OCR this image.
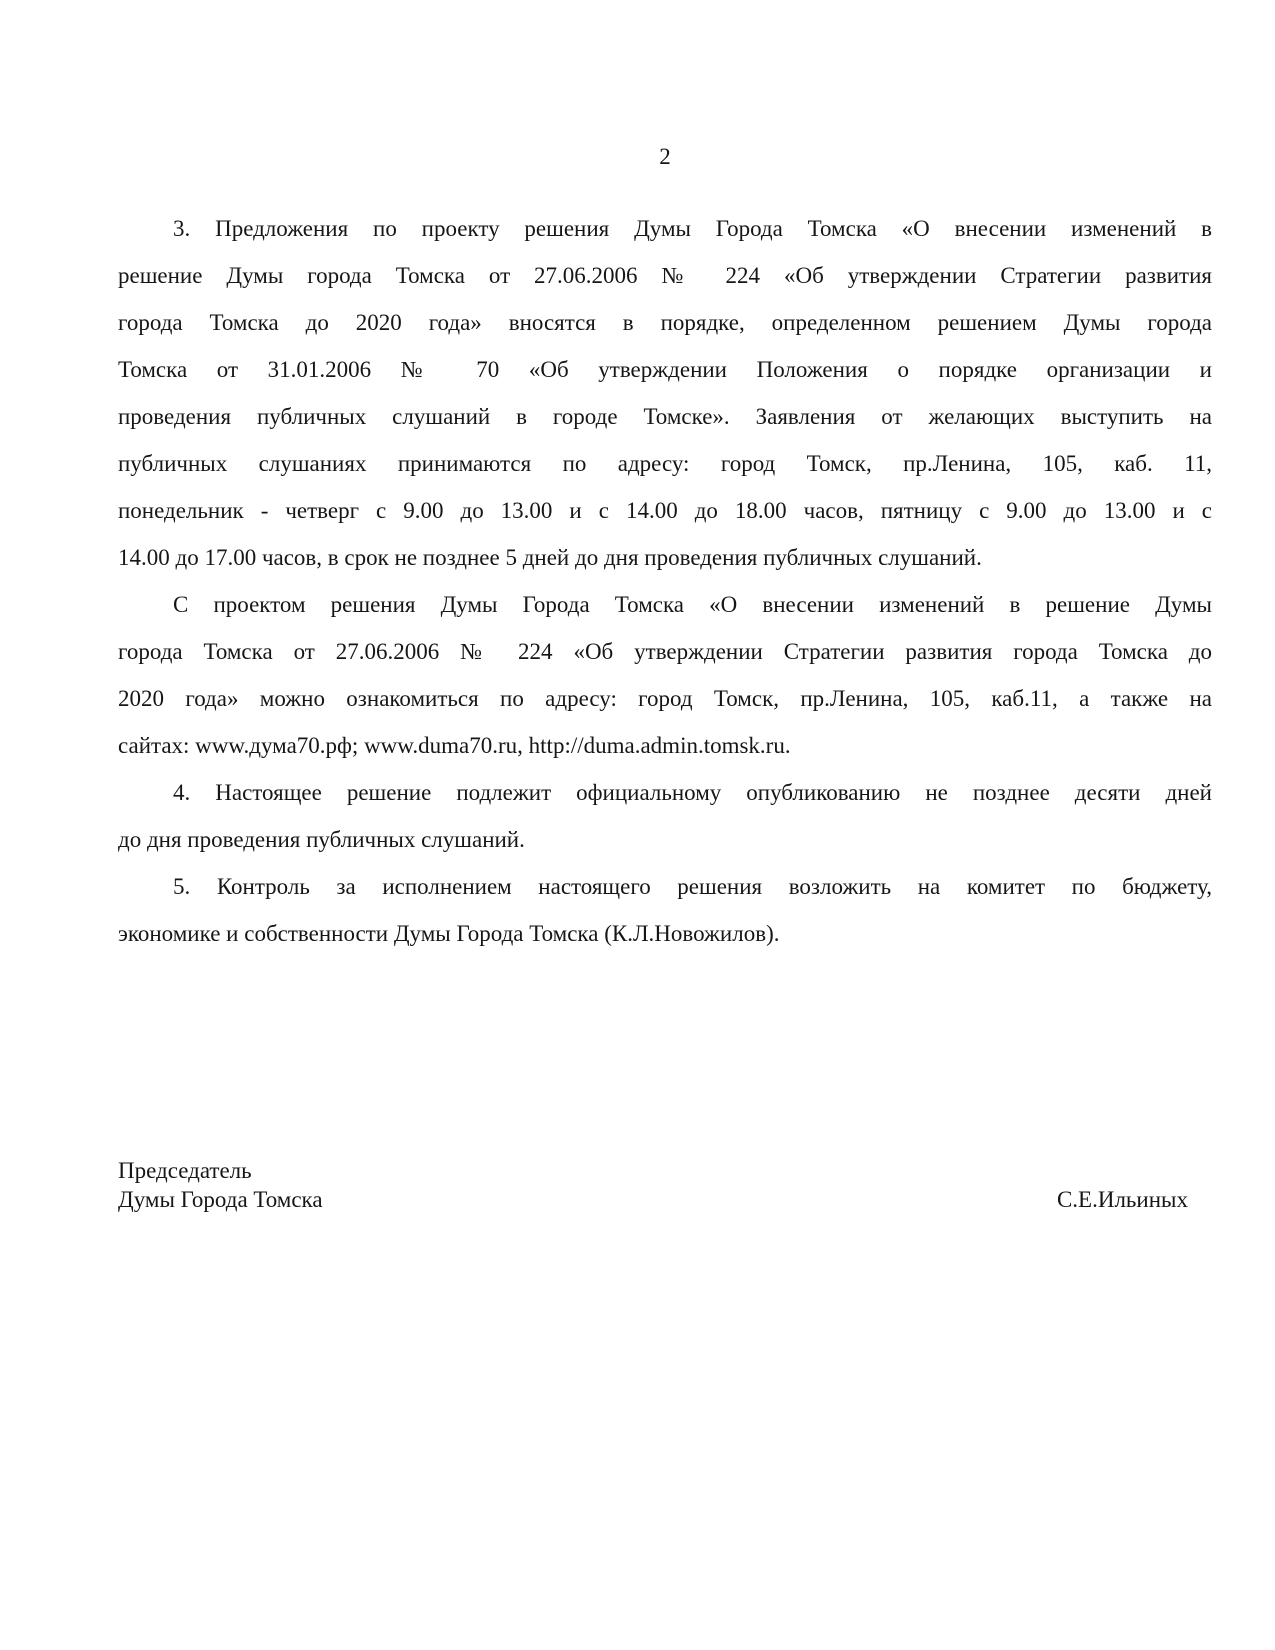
2
3. Предложения по проекту решения Думы Города Томска «О внесении изменений в
решение Думы города Томска от 27.06.2006 № 224 «Об утверждении Стратегии развития
города Томска до 2020 года» вносятся в порядке, определенном решением Думы города
Томска от 31.01.2006 № 70 «Об утверждении Положения о порядке организации и
проведения публичных слушаний в городе Томске». Заявления от желающих выступить на
публичных слушаниях принимаются по адресу: город Томск, пр.Ленина, 105, каб. 11,
понедельник - четверг с 9.00 до 13.00 и с 14.00 до 18.00 часов, пятницу с 9.00 до 13.00 и с
14.00 до 17.00 часов, в срок не позднее 5 дней до дня проведения публичных слушаний.
С проектом решения Думы Города Томска «О внесении изменений в решение Думы
города Томска от 27.06.2006 № 224 «Об утверждении Стратегии развития города Томска до
2020 года» можно ознакомиться по адресу: город Томск, пр.Ленина, 105, каб.11, а также на
сайтах: www.дума70.рф; www.duma70.ru, http://duma.admin.tomsk.ru.
4. Настоящее решение подлежит официальному опубликованию не позднее десяти дней
до дня проведения публичных слушаний.
5. Контроль за исполнением настоящего решения возложить на комитет по бюджету,
экономике и собственности Думы Города Томска (К.Л.Новожилов).
Председатель
Думы Города Томска	С.Е.Ильиных
